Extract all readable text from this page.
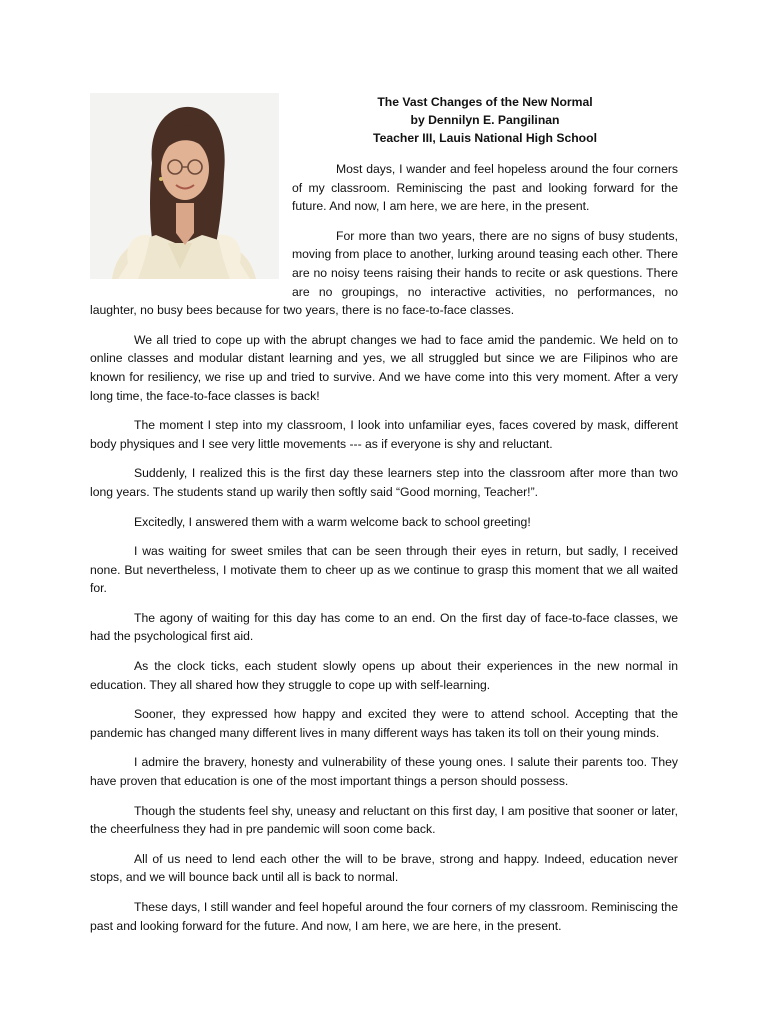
The Vast Changes of the New Normal
by Dennilyn E. Pangilinan
Teacher III, Lauis National High School

Most days, I wander and feel hopeless around the four corners of my classroom. Reminiscing the past and looking forward for the future. And now, I am here, we are here, in the present.

For more than two years, there are no signs of busy students, moving from place to another, lurking around teasing each other. There are no noisy teens raising their hands to recite or ask questions. There are no groupings, no interactive activities, no performances, no laughter, no busy bees because for two years, there is no face-to-face classes.

We all tried to cope up with the abrupt changes we had to face amid the pandemic. We held on to online classes and modular distant learning and yes, we all struggled but since we are Filipinos who are known for resiliency, we rise up and tried to survive. And we have come into this very moment. After a very long time, the face-to-face classes is back!

The moment I step into my classroom, I look into unfamiliar eyes, faces covered by mask, different body physiques and I see very little movements --- as if everyone is shy and reluctant.

Suddenly, I realized this is the first day these learners step into the classroom after more than two long years. The students stand up warily then softly said “Good morning, Teacher!”.

Excitedly, I answered them with a warm welcome back to school greeting!

I was waiting for sweet smiles that can be seen through their eyes in return, but sadly, I received none. But nevertheless, I motivate them to cheer up as we continue to grasp this moment that we all waited for.

The agony of waiting for this day has come to an end. On the first day of face-to-face classes, we had the psychological first aid.

As the clock ticks, each student slowly opens up about their experiences in the new normal in education. They all shared how they struggle to cope up with self-learning.

Sooner, they expressed how happy and excited they were to attend school. Accepting that the pandemic has changed many different lives in many different ways has taken its toll on their young minds.

I admire the bravery, honesty and vulnerability of these young ones. I salute their parents too. They have proven that education is one of the most important things a person should possess.

Though the students feel shy, uneasy and reluctant on this first day, I am positive that sooner or later, the cheerfulness they had in pre pandemic will soon come back.

All of us need to lend each other the will to be brave, strong and happy. Indeed, education never stops, and we will bounce back until all is back to normal.

These days, I still wander and feel hopeful around the four corners of my classroom. Reminiscing the past and looking forward for the future. And now, I am here, we are here, in the present.
